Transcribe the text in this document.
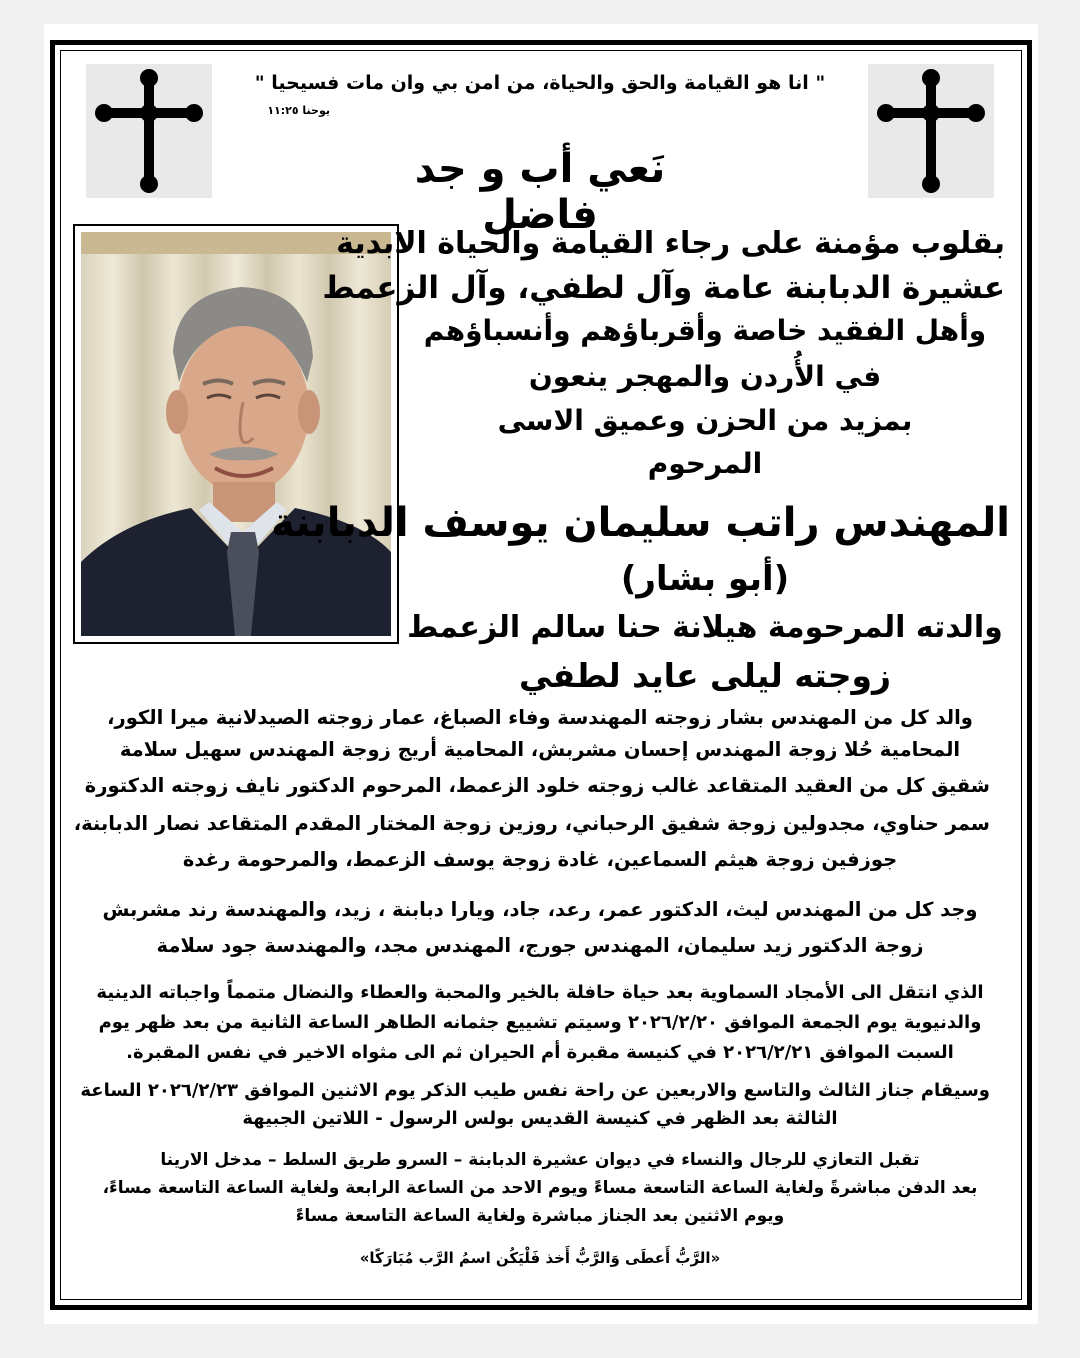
" انا هو القيامة والحق والحياة، من امن بي وان مات فسيحيا "
يوحنا ١١:٢٥
نَعي أب و جد فاضل
بقلوب مؤمنة على رجاء القيامة والحياة الابدية
عشيرة الدبابنة عامة وآل لطفي، وآل الزعمط
وأهل الفقيد خاصة وأقرباؤهم وأنسباؤهم
في الأُردن والمهجر ينعون
بمزيد من الحزن وعميق الاسى
المرحوم
المهندس راتب سليمان يوسف الدبابنة
(أبو بشار)
والدته المرحومة هيلانة حنا سالم الزعمط
زوجته ليلى عايد لطفي
والد كل من المهندس بشار زوجته المهندسة وفاء الصباغ، عمار زوجته الصيدلانية ميرا الكور،
المحامية حُلا زوجة المهندس إحسان مشربش، المحامية أريج زوجة المهندس سهيل سلامة
شقيق كل من العقيد المتقاعد غالب زوجته خلود الزعمط، المرحوم الدكتور نايف زوجته الدكتورة
سمر حناوي، مجدولين زوجة شفيق الرحباني، روزين زوجة المختار المقدم المتقاعد نصار الدبابنة،
جوزفين زوجة هيثم السماعين، غادة زوجة يوسف الزعمط، والمرحومة رغدة
وجد كل من المهندس ليث، الدكتور عمر، رعد، جاد، ويارا دبابنة ، زيد، والمهندسة رند مشربش
زوجة الدكتور زيد سليمان، المهندس جورج، المهندس مجد، والمهندسة جود سلامة
الذي انتقل الى الأمجاد السماوية بعد حياة حافلة بالخير والمحبة والعطاء والنضال متمماً واجباته الدينية
والدنيوية يوم الجمعة الموافق ٢٠٢٦/٢/٢٠ وسيتم تشييع جثمانه الطاهر الساعة الثانية من بعد ظهر يوم
السبت الموافق ٢٠٢٦/٢/٢١ في كنيسة مقبرة أم الحيران ثم الى مثواه الاخير في نفس المقبرة.
وسيقام جناز الثالث والتاسع والاربعين عن راحة نفس طيب الذكر يوم الاثنين الموافق ٢٠٢٦/٢/٢٣ الساعة
الثالثة بعد الظهر في كنيسة القديس بولس الرسول - اللاتين الجبيهة
تقبل التعازي للرجال والنساء في ديوان عشيرة الدبابنة – السرو طريق السلط – مدخل الارينا
بعد الدفن مباشرةً ولغاية الساعة التاسعة مساءً ويوم الاحد من الساعة الرابعة ولغاية الساعة التاسعة مساءً،
ويوم الاثنين بعد الجناز مباشرة ولغاية الساعة التاسعة مساءً
«الرَّبُّ أَعطَى وَالرَّبُّ أَخذ فَلْيَكُن اسمُ الرَّب مُبَارَكًا»
